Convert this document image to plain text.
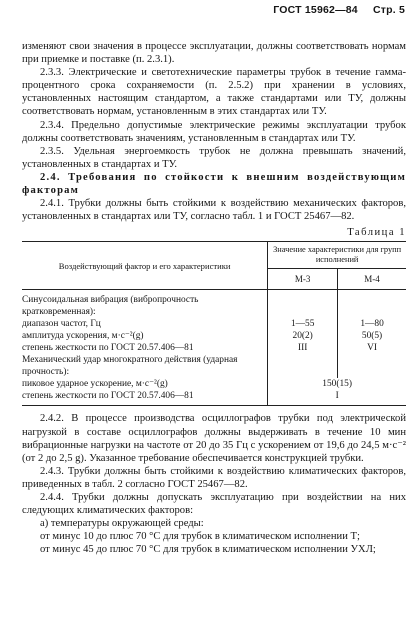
ГОСТ 15962—84 Стр. 5

изменяют свои значения в процессе эксплуатации, должны соответствовать нормам при приемке и поставке (п. 2.3.1).

2.3.3. Электрические и светотехнические параметры трубок в течение гамма-процентного срока сохраняемости (п. 2.5.2) при хранении в условиях, установленных настоящим стандартом, а также стандартами или ТУ, должны соответствовать нормам, установленным в этих стандартах или ТУ.

2.3.4. Предельно допустимые электрические режимы эксплуатации трубок должны соответствовать значениям, установленным в стандартах или ТУ.

2.3.5. Удельная энергоемкость трубок не должна превышать значений, установленных в стандартах и ТУ.

2.4. Требования по стойкости к внешним воздействующим факторам

2.4.1. Трубки должны быть стойкими к воздействию механических факторов, установленных в стандартах или ТУ, согласно табл. 1 и ГОСТ 25467—82.

Таблица 1
Воздействующий фактор и его характеристики	Значение характеристики для групп исполнений	
	М-3	М-4
Синусоидальная вибрация (вибропрочность кратковременная):		
диапазон частот, Гц	1—55	1—80
амплитуда ускорения, м·с⁻²(g)	20(2)	50(5)
степень жесткости по ГОСТ 20.57.406—81	III	VI
Механический удар многократного действия (ударная прочность):		
пиковое ударное ускорение, м·с⁻²(g)	150(15)	
степень жесткости по ГОСТ 20.57.406—81	I	

2.4.2. В процессе производства осциллографов трубки под электрической нагрузкой в составе осциллографов должны выдерживать в течение 10 мин вибрационные нагрузки на частоте от 20 до 35 Гц с ускорением от 19,6 до 24,5 м·с⁻² (от 2 до 2,5 g). Указанное требование обеспечивается конструкцией трубки.

2.4.3. Трубки должны быть стойкими к воздействию климатических факторов, приведенных в табл. 2 согласно ГОСТ 25467—82.

2.4.4. Трубки должны допускать эксплуатацию при воздействии на них следующих климатических факторов:

а) температуры окружающей среды:

от минус 10 до плюс 70 °С для трубок в климатическом исполнении Т;

от минус 45 до плюс 70 °С для трубок в климатическом исполнении УХЛ;
